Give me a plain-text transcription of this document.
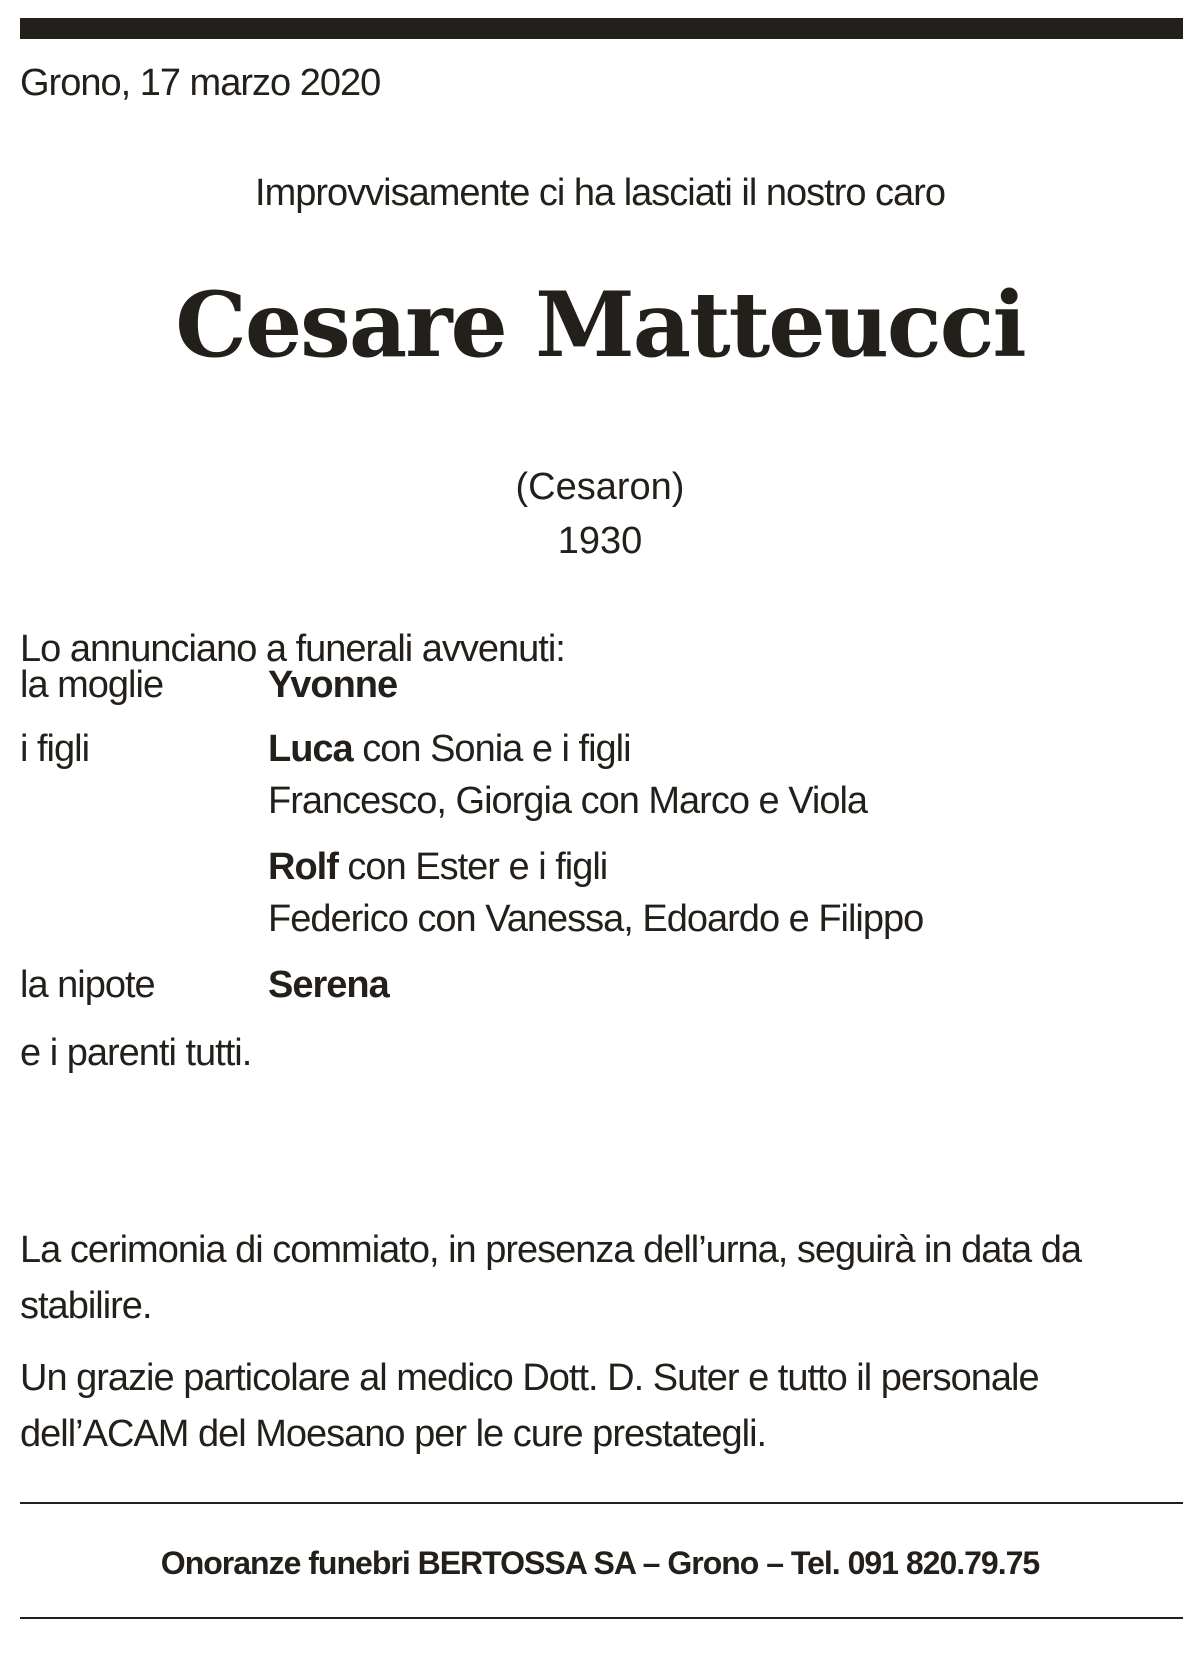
Grono, 17 marzo 2020
Improvvisamente ci ha lasciati il nostro caro
Cesare Matteucci
(Cesaron)
1930
Lo annunciano a funerali avvenuti:
la moglie	Yvonne
i figli	Luca con Sonia e i figli
Francesco, Giorgia con Marco e Viola
Rolf con Ester e i figli
Federico con Vanessa, Edoardo e Filippo
la nipote	Serena
e i parenti tutti.
La cerimonia di commiato, in presenza dell’urna, seguirà in data da stabilire.
Un grazie particolare al medico Dott. D. Suter e tutto il personale dell’ACAM del Moesano per le cure prestategli.
Onoranze funebri BERTOSSA SA – Grono – Tel. 091 820.79.75
